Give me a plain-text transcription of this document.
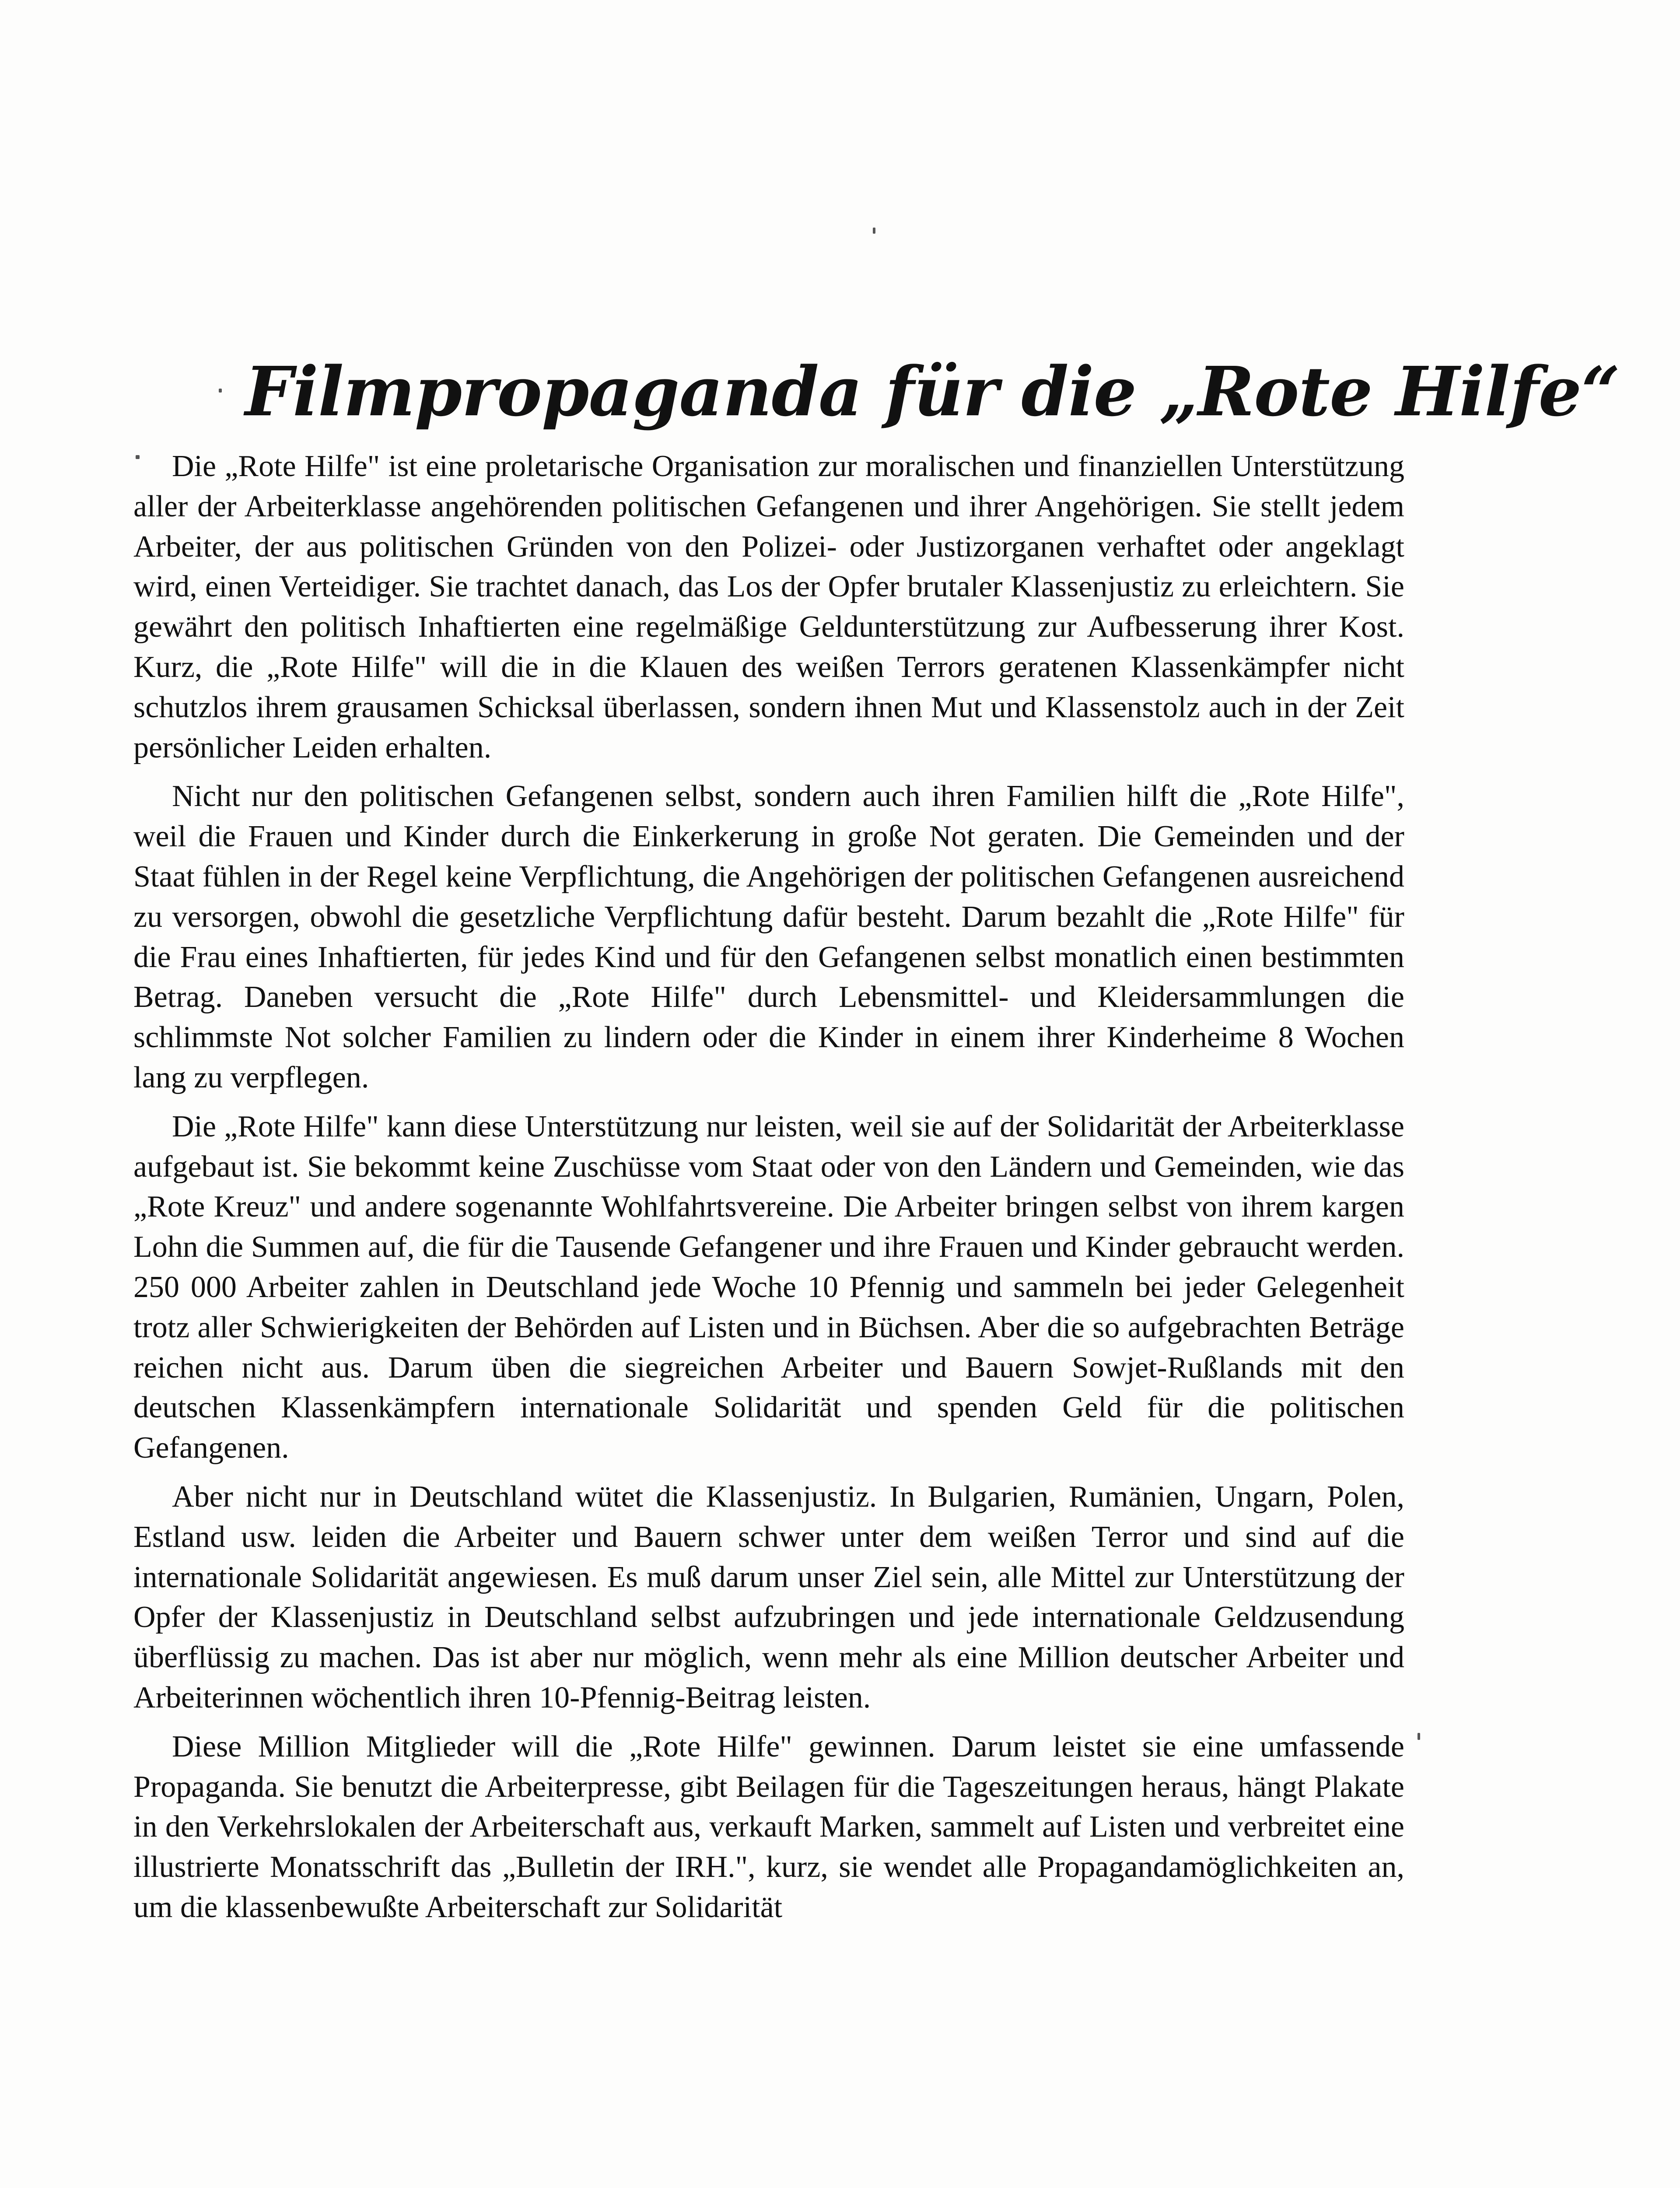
Filmpropaganda für die „Rote Hilfe“

Die „Rote Hilfe" ist eine proletarische Organisation zur moralischen und finanziellen Unterstützung aller der Arbeiterklasse angehörenden politischen Gefangenen und ihrer Angehörigen. Sie stellt jedem Arbeiter, der aus politischen Gründen von den Polizei- oder Justizorganen verhaftet oder angeklagt wird, einen Verteidiger. Sie trachtet danach, das Los der Opfer brutaler Klassenjustiz zu erleichtern. Sie gewährt den politisch Inhaftierten eine regelmäßige Geldunterstützung zur Aufbesserung ihrer Kost. Kurz, die „Rote Hilfe" will die in die Klauen des weißen Terrors geratenen Klassenkämpfer nicht schutzlos ihrem grausamen Schicksal überlassen, sondern ihnen Mut und Klassenstolz auch in der Zeit persönlicher Leiden erhalten.

Nicht nur den politischen Gefangenen selbst, sondern auch ihren Familien hilft die „Rote Hilfe", weil die Frauen und Kinder durch die Einkerkerung in große Not geraten. Die Gemeinden und der Staat fühlen in der Regel keine Verpflichtung, die Angehörigen der politischen Gefangenen ausreichend zu versorgen, obwohl die gesetzliche Verpflichtung dafür besteht. Darum bezahlt die „Rote Hilfe" für die Frau eines Inhaftierten, für jedes Kind und für den Gefangenen selbst monatlich einen bestimmten Betrag. Daneben versucht die „Rote Hilfe" durch Lebensmittel- und Kleidersammlungen die schlimmste Not solcher Familien zu lindern oder die Kinder in einem ihrer Kinderheime 8 Wochen lang zu verpflegen.

Die „Rote Hilfe" kann diese Unterstützung nur leisten, weil sie auf der Solidarität der Arbeiterklasse aufgebaut ist. Sie bekommt keine Zuschüsse vom Staat oder von den Ländern und Gemeinden, wie das „Rote Kreuz" und andere sogenannte Wohlfahrtsvereine. Die Arbeiter bringen selbst von ihrem kargen Lohn die Summen auf, die für die Tausende Gefangener und ihre Frauen und Kinder gebraucht werden. 250 000 Arbeiter zahlen in Deutschland jede Woche 10 Pfennig und sammeln bei jeder Gelegenheit trotz aller Schwierigkeiten der Behörden auf Listen und in Büchsen. Aber die so aufgebrachten Beträge reichen nicht aus. Darum üben die siegreichen Arbeiter und Bauern Sowjet-Rußlands mit den deutschen Klassenkämpfern internationale Solidarität und spenden Geld für die politischen Gefangenen.

Aber nicht nur in Deutschland wütet die Klassenjustiz. In Bulgarien, Rumänien, Ungarn, Polen, Estland usw. leiden die Arbeiter und Bauern schwer unter dem weißen Terror und sind auf die internationale Solidarität angewiesen. Es muß darum unser Ziel sein, alle Mittel zur Unterstützung der Opfer der Klassenjustiz in Deutschland selbst aufzubringen und jede internationale Geldzusendung überflüssig zu machen. Das ist aber nur möglich, wenn mehr als eine Million deutscher Arbeiter und Arbeiterinnen wöchentlich ihren 10-Pfennig-Beitrag leisten.

Diese Million Mitglieder will die „Rote Hilfe" gewinnen. Darum leistet sie eine umfassende Propaganda. Sie benutzt die Arbeiterpresse, gibt Beilagen für die Tageszeitungen heraus, hängt Plakate in den Verkehrslokalen der Arbeiterschaft aus, verkauft Marken, sammelt auf Listen und verbreitet eine illustrierte Monatsschrift das „Bulletin der IRH.", kurz, sie wendet alle Propagandamöglichkeiten an, um die klassenbewußte Arbeiterschaft zur Solidarität
